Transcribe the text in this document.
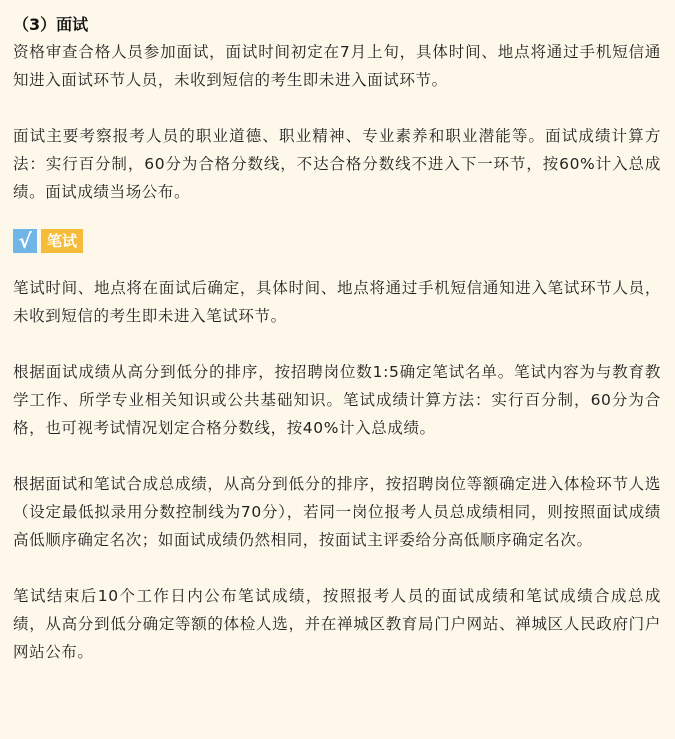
（3）面试

资格审查合格人员参加面试，面试时间初定在7月上旬，具体时间、地点将通过手机短信通知进入面试环节人员，未收到短信的考生即未进入面试环节。

面试主要考察报考人员的职业道德、职业精神、专业素养和职业潜能等。面试成绩计算方法：实行百分制，60分为合格分数线，不达合格分数线不进入下一环节，按60%计入总成绩。面试成绩当场公布。

√	笔试

笔试时间、地点将在面试后确定，具体时间、地点将通过手机短信通知进入笔试环节人员，未收到短信的考生即未进入笔试环节。

根据面试成绩从高分到低分的排序，按招聘岗位数1:5确定笔试名单。笔试内容为与教育教学工作、所学专业相关知识或公共基础知识。笔试成绩计算方法：实行百分制，60分为合格，也可视考试情况划定合格分数线，按40%计入总成绩。

根据面试和笔试合成总成绩，从高分到低分的排序，按招聘岗位等额确定进入体检环节人选（设定最低拟录用分数控制线为70分），若同一岗位报考人员总成绩相同，则按照面试成绩高低顺序确定名次；如面试成绩仍然相同，按面试主评委给分高低顺序确定名次。

笔试结束后10个工作日内公布笔试成绩，按照报考人员的面试成绩和笔试成绩合成总成绩，从高分到低分确定等额的体检人选，并在禅城区教育局门户网站、禅城区人民政府门户网站公布。
